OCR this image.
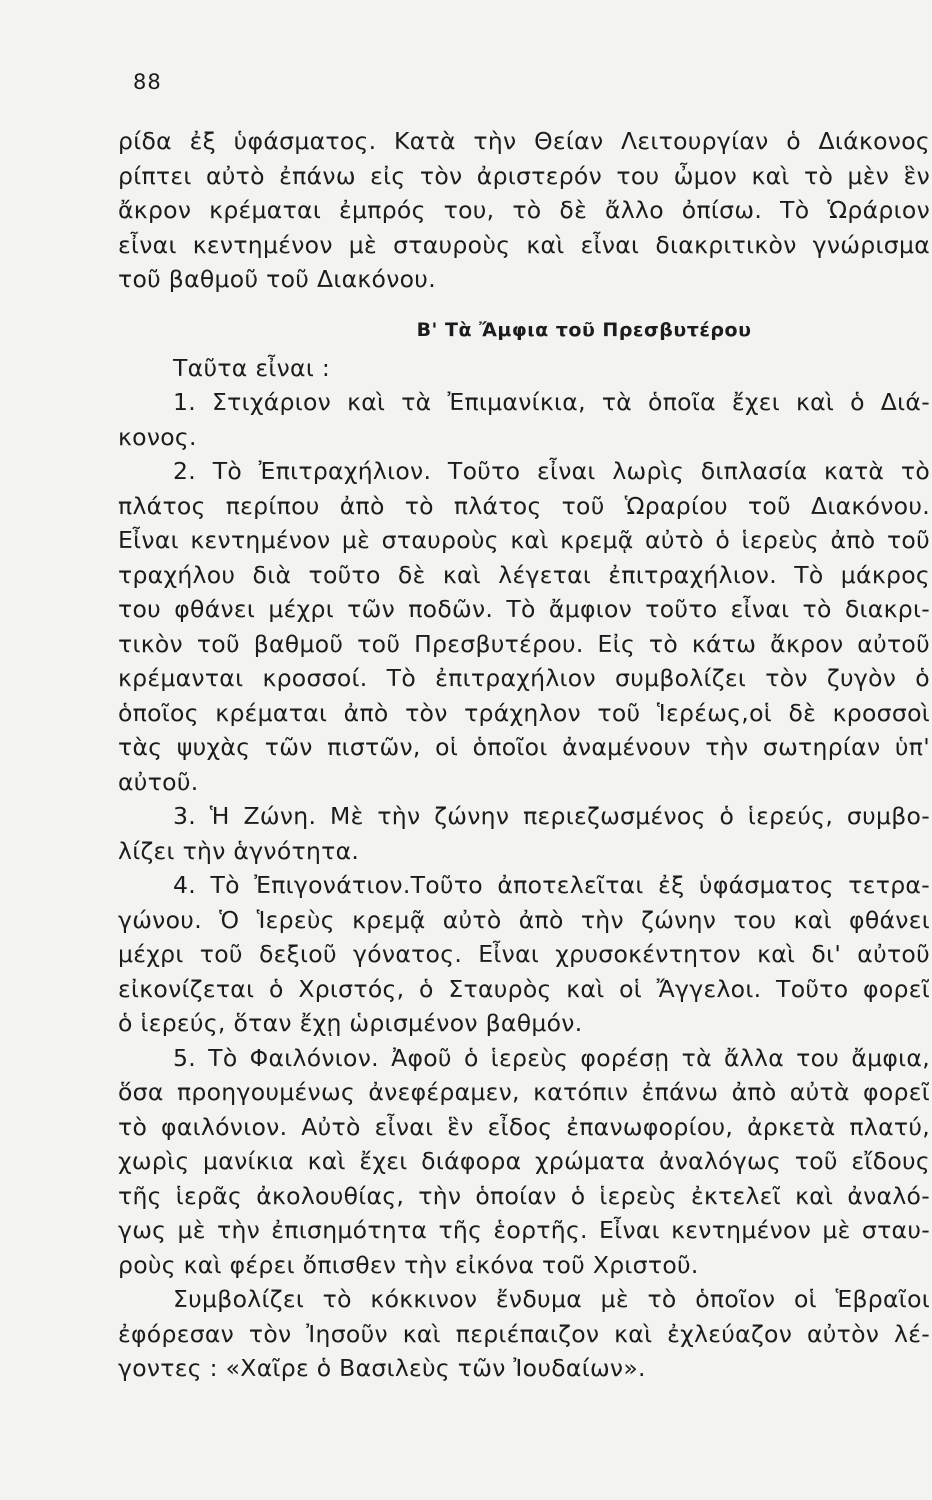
88
ρίδα ἐξ ὑφάσματος. Κατὰ τὴν Θείαν Λειτουργίαν ὁ Διάκονος
ρίπτει αὐτὸ ἐπάνω εἰς τὸν ἀριστερόν του ὦμον καὶ τὸ μὲν ἓν
ἄκρον κρέμαται ἐμπρός του, τὸ δὲ ἄλλο ὀπίσω. Τὸ Ὡράριον
εἶναι κεντημένον μὲ σταυροὺς καὶ εἶναι διακριτικὸν γνώρισμα
τοῦ βαθμοῦ τοῦ Διακόνου.
Β' Τὰ Ἄμφια τοῦ Πρεσβυτέρου
Ταῦτα εἶναι :
1. Στιχάριον καὶ τὰ Ἐπιμανίκια, τὰ ὁποῖα ἔχει καὶ ὁ Διά-
κονος.
2. Τὸ Ἐπιτραχήλιον. Τοῦτο εἶναι λωρὶς διπλασία κατὰ τὸ
πλάτος περίπου ἀπὸ τὸ πλάτος τοῦ Ὡραρίου τοῦ Διακόνου.
Εἶναι κεντημένον μὲ σταυροὺς καὶ κρεμᾷ αὐτὸ ὁ ἱερεὺς ἀπὸ τοῦ
τραχήλου διὰ τοῦτο δὲ καὶ λέγεται ἐπιτραχήλιον. Τὸ μάκρος
του φθάνει μέχρι τῶν ποδῶν. Τὸ ἄμφιον τοῦτο εἶναι τὸ διακρι-
τικὸν τοῦ βαθμοῦ τοῦ Πρεσβυτέρου. Εἰς τὸ κάτω ἄκρον αὐτοῦ
κρέμανται κροσσοί. Τὸ ἐπιτραχήλιον συμβολίζει τὸν ζυγὸν ὁ
ὁποῖος κρέμαται ἀπὸ τὸν τράχηλον τοῦ Ἱερέως,οἱ δὲ κροσσοὶ
τὰς ψυχὰς τῶν πιστῶν, οἱ ὁποῖοι ἀναμένουν τὴν σωτηρίαν ὑπ'
αὐτοῦ.
3. Ἡ Ζώνη. Μὲ τὴν ζώνην περιεζωσμένος ὁ ἱερεύς, συμβο-
λίζει τὴν ἁγνότητα.
4. Τὸ Ἐπιγονάτιον.Τοῦτο ἀποτελεῖται ἐξ ὑφάσματος τετρα-
γώνου. Ὁ Ἱερεὺς κρεμᾷ αὐτὸ ἀπὸ τὴν ζώνην του καὶ φθάνει
μέχρι τοῦ δεξιοῦ γόνατος. Εἶναι χρυσοκέντητον καὶ δι' αὐτοῦ
εἰκονίζεται ὁ Χριστός, ὁ Σταυρὸς καὶ οἱ Ἄγγελοι. Τοῦτο φορεῖ
ὁ ἱερεύς, ὅταν ἔχῃ ὡρισμένον βαθμόν.
5. Τὸ Φαιλόνιον. Ἀφοῦ ὁ ἱερεὺς φορέσῃ τὰ ἄλλα του ἄμφια,
ὅσα προηγουμένως ἀνεφέραμεν, κατόπιν ἐπάνω ἀπὸ αὐτὰ φορεῖ
τὸ φαιλόνιον. Αὐτὸ εἶναι ἓν εἶδος ἐπανωφορίου, ἀρκετὰ πλατύ,
χωρὶς μανίκια καὶ ἔχει διάφορα χρώματα ἀναλόγως τοῦ εἴδους
τῆς ἱερᾶς ἀκολουθίας, τὴν ὁποίαν ὁ ἱερεὺς ἐκτελεῖ καὶ ἀναλό-
γως μὲ τὴν ἐπισημότητα τῆς ἑορτῆς. Εἶναι κεντημένον μὲ σταυ-
ροὺς καὶ φέρει ὄπισθεν τὴν εἰκόνα τοῦ Χριστοῦ.
Συμβολίζει τὸ κόκκινον ἔνδυμα μὲ τὸ ὁποῖον οἱ Ἑβραῖοι
ἐφόρεσαν τὸν Ἰησοῦν καὶ περιέπαιζον καὶ ἐχλεύαζον αὐτὸν λέ-
γοντες : «Χαῖρε ὁ Βασιλεὺς τῶν Ἰουδαίων».
